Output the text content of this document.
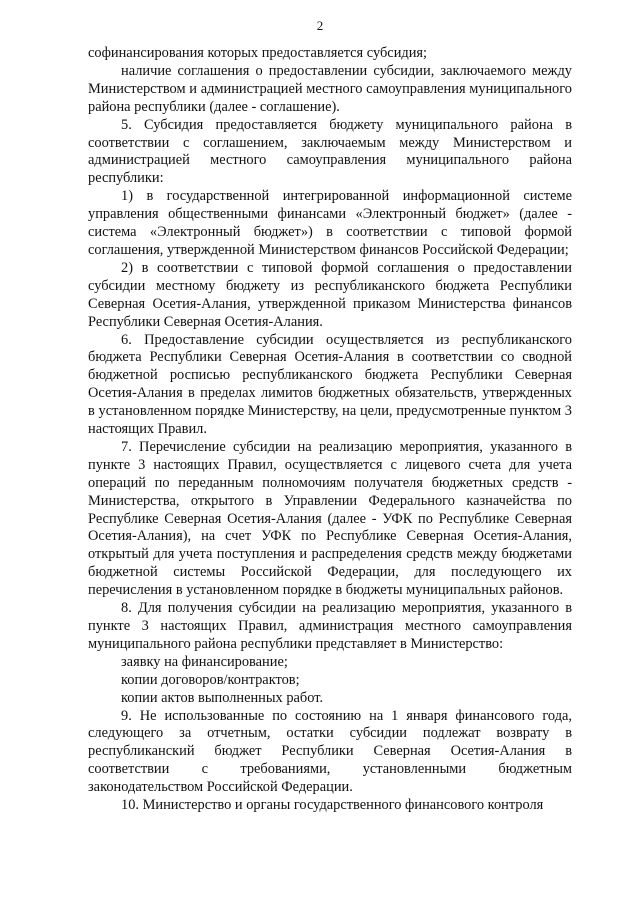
2

софинансирования которых предоставляется субсидия;

наличие соглашения о предоставлении субсидии, заключаемого между Министерством и администрацией местного самоуправления муниципального района республики (далее - соглашение).

5. Субсидия предоставляется бюджету муниципального района в соответствии с соглашением, заключаемым между Министерством и администрацией местного самоуправления муниципального района республики:

1) в государственной интегрированной информационной системе управления общественными финансами «Электронный бюджет» (далее - система «Электронный бюджет») в соответствии с типовой формой соглашения, утвержденной Министерством финансов Российской Федерации;

2) в соответствии с типовой формой соглашения о предоставлении субсидии местному бюджету из республиканского бюджета Республики Северная Осетия-Алания, утвержденной приказом Министерства финансов Республики Северная Осетия-Алания.

6. Предоставление субсидии осуществляется из республиканского бюджета Республики Северная Осетия-Алания в соответствии со сводной бюджетной росписью республиканского бюджета Республики Северная Осетия-Алания в пределах лимитов бюджетных обязательств, утвержденных в установленном порядке Министерству, на цели, предусмотренные пунктом 3 настоящих Правил.

7. Перечисление субсидии на реализацию мероприятия, указанного в пункте 3 настоящих Правил, осуществляется с лицевого счета для учета операций по переданным полномочиям получателя бюджетных средств - Министерства, открытого в Управлении Федерального казначейства по Республике Северная Осетия-Алания (далее - УФК по Республике Северная Осетия-Алания), на счет УФК по Республике Северная Осетия-Алания, открытый для учета поступления и распределения средств между бюджетами бюджетной системы Российской Федерации, для последующего их перечисления в установленном порядке в бюджеты муниципальных районов.

8. Для получения субсидии на реализацию мероприятия, указанного в пункте 3 настоящих Правил, администрация местного самоуправления муниципального района республики представляет в Министерство:

заявку на финансирование;

копии договоров/контрактов;

копии актов выполненных работ.

9. Не использованные по состоянию на 1 января финансового года, следующего за отчетным, остатки субсидии подлежат возврату в республиканский бюджет Республики Северная Осетия-Алания в соответствии с требованиями, установленными бюджетным законодательством Российской Федерации.

10. Министерство и органы государственного финансового контроля
